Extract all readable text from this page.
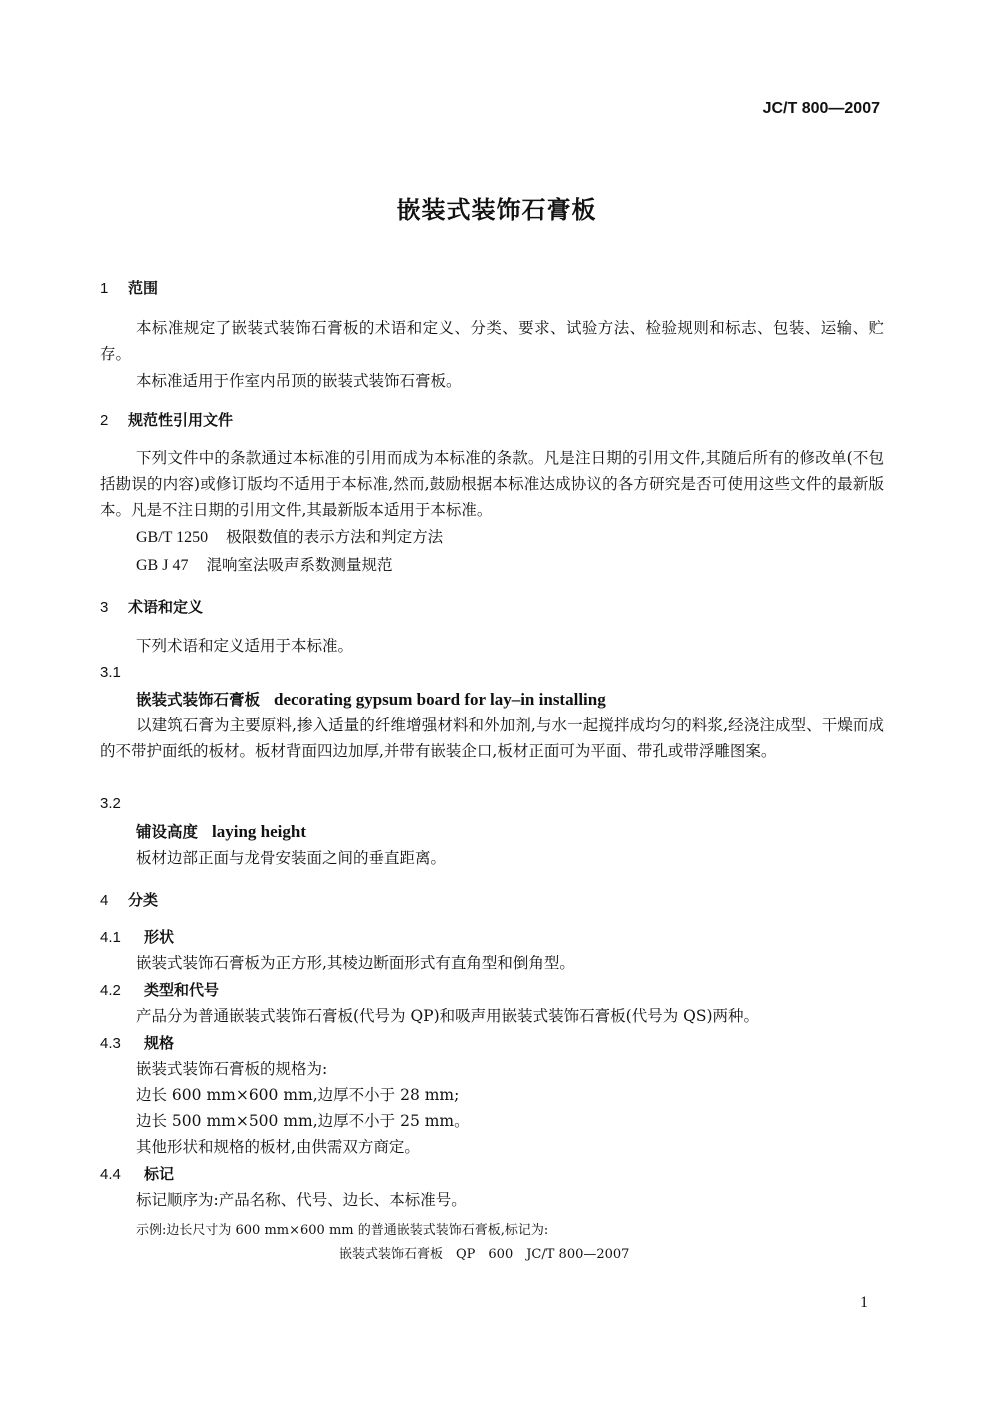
JC/T 800—2007
嵌装式装饰石膏板
1 范围
本标准规定了嵌装式装饰石膏板的术语和定义、分类、要求、试验方法、检验规则和标志、包装、运输、贮存。
本标准适用于作室内吊顶的嵌装式装饰石膏板。
2 规范性引用文件
下列文件中的条款通过本标准的引用而成为本标准的条款。凡是注日期的引用文件,其随后所有的修改单(不包括勘误的内容)或修订版均不适用于本标准,然而,鼓励根据本标准达成协议的各方研究是否可使用这些文件的最新版本。凡是不注日期的引用文件,其最新版本适用于本标准。
GB/T 1250 极限数值的表示方法和判定方法
GB J 47 混响室法吸声系数测量规范
3 术语和定义
下列术语和定义适用于本标准。
3.1
嵌装式装饰石膏板 decorating gypsum board for lay–in installing
以建筑石膏为主要原料,掺入适量的纤维增强材料和外加剂,与水一起搅拌成均匀的料浆,经浇注成型、干燥而成的不带护面纸的板材。板材背面四边加厚,并带有嵌装企口,板材正面可为平面、带孔或带浮雕图案。
3.2
铺设高度 laying height
板材边部正面与龙骨安装面之间的垂直距离。
4 分类
4.1 形状
嵌装式装饰石膏板为正方形,其棱边断面形式有直角型和倒角型。
4.2 类型和代号
产品分为普通嵌装式装饰石膏板(代号为 QP)和吸声用嵌装式装饰石膏板(代号为 QS)两种。
4.3 规格
嵌装式装饰石膏板的规格为:
边长 600 mm×600 mm,边厚不小于 28 mm;
边长 500 mm×500 mm,边厚不小于 25 mm。
其他形状和规格的板材,由供需双方商定。
4.4 标记
标记顺序为:产品名称、代号、边长、本标准号。
示例:边长尺寸为 600 mm×600 mm 的普通嵌装式装饰石膏板,标记为:
嵌装式装饰石膏板　QP　600　JC/T 800—2007
1
